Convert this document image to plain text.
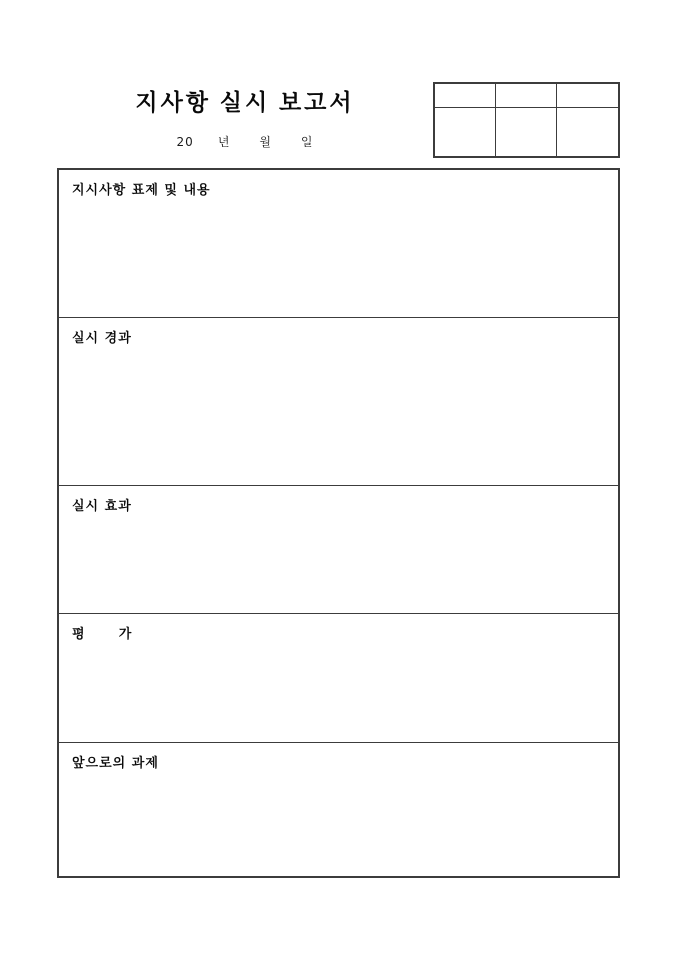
지사항 실시 보고서
20     년      월      일
지시사항 표제 및 내용
실시 경과
실시 효과
평      가
앞으로의 과제
